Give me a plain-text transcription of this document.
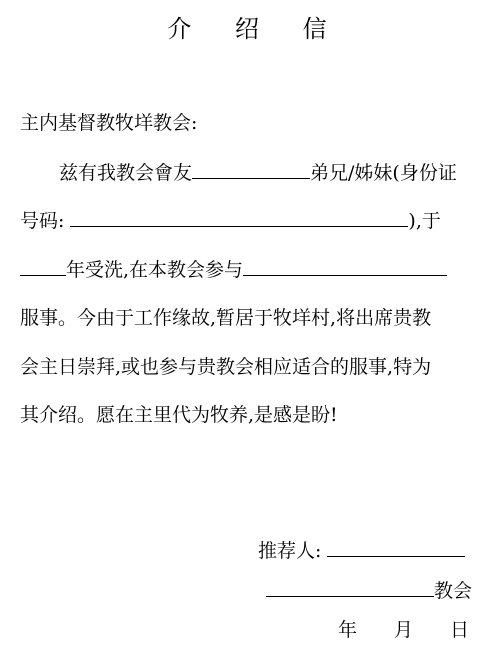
介 绍 信
主内基督教牧垟教会:
兹有我教会會友	弟兄/姊妹(身份证
号码:	),于
年受洗,在本教会参与
服事。今由于工作缘故,暂居于牧垟村,将出席贵教
会主日崇拜,或也参与贵教会相应适合的服事,特为
其介绍。愿在主里代为牧养,是感是盼!
推荐人:
教会
年 月 日
